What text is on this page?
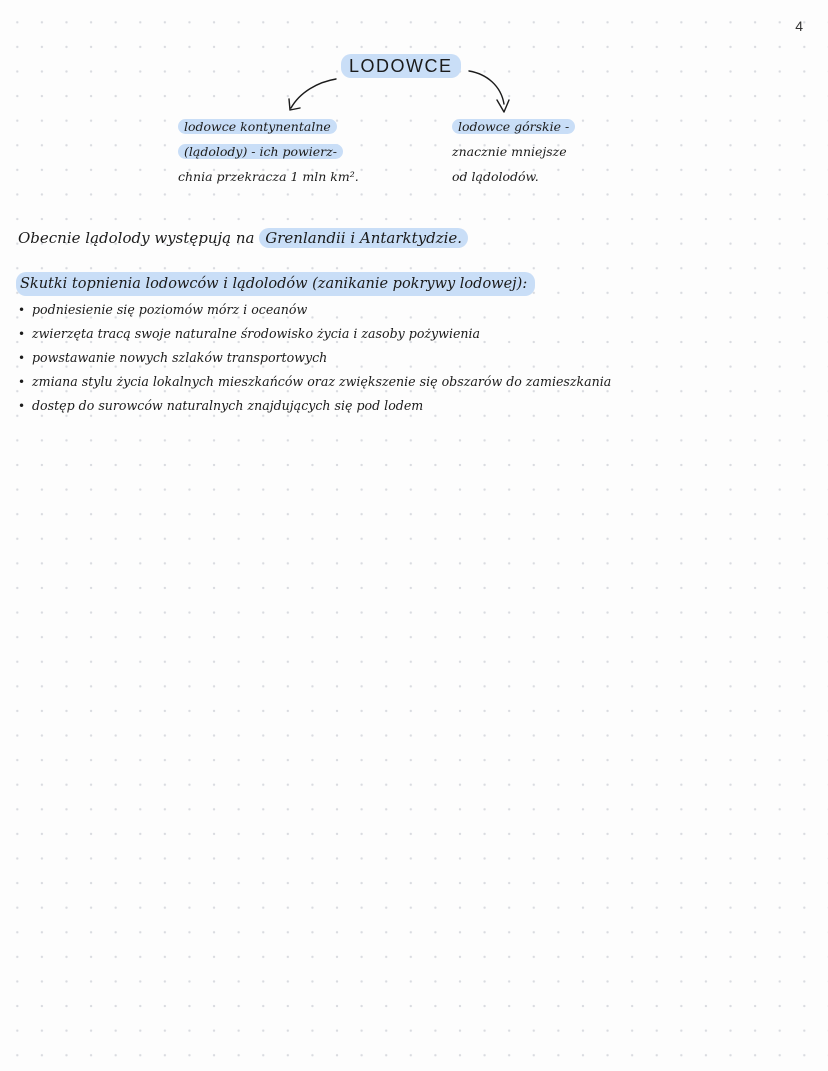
4
LODOWCE
lodowce kontynentalne
(lądolody) - ich powierz-
chnia przekracza 1 mln km².
lodowce górskie -
znacznie mniejsze
od lądolodów.
Obecnie lądolody występują na Grenlandii i Antarktydzie.
Skutki topnienia lodowców i lądolodów (zanikanie pokrywy lodowej):
• podniesienie się poziomów mórz i oceanów
• zwierzęta tracą swoje naturalne środowisko życia i zasoby pożywienia
• powstawanie nowych szlaków transportowych
• zmiana stylu życia lokalnych mieszkańców oraz zwiększenie się obszarów do zamieszkania
• dostęp do surowców naturalnych znajdujących się pod lodem
